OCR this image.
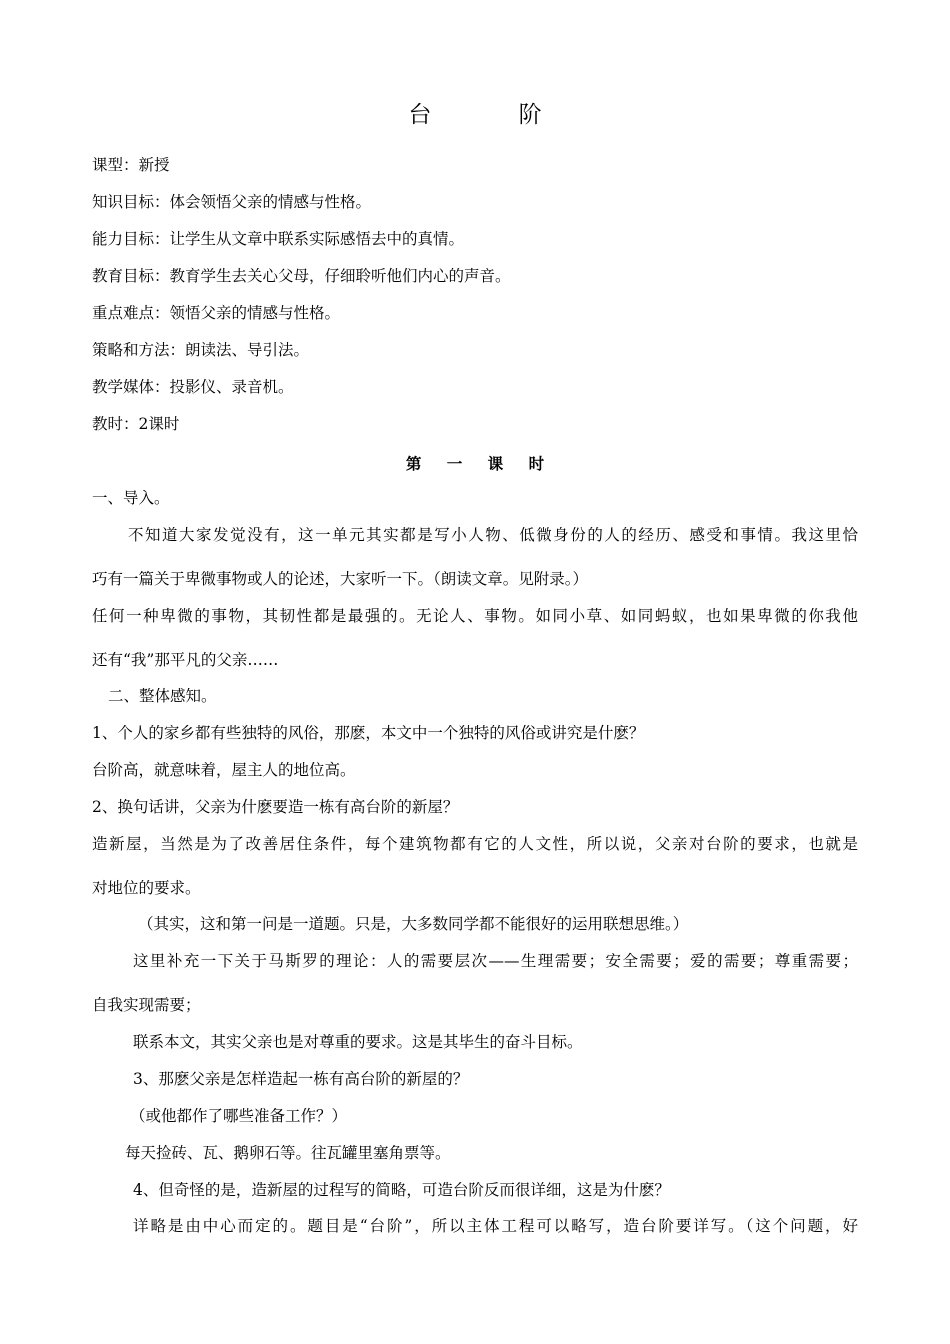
台 阶
课型：新授
知识目标：体会领悟父亲的情感与性格。
能力目标：让学生从文章中联系实际感悟去中的真情。
教育目标：教育学生去关心父母，仔细聆听他们内心的声音。
重点难点：领悟父亲的情感与性格。
策略和方法：朗读法、导引法。
教学媒体：投影仪、录音机。
教时：2课时
第 一 课 时
一、导入。
不知道大家发觉没有，这一单元其实都是写小人物、低微身份的人的经历、感受和事情。我这里恰
巧有一篇关于卑微事物或人的论述，大家听一下。（朗读文章。见附录。）
任何一种卑微的事物，其韧性都是最强的。无论人、事物。如同小草、如同蚂蚁，也如果卑微的你我他
还有“我”那平凡的父亲……
二、整体感知。
1、个人的家乡都有些独特的风俗，那麽，本文中一个独特的风俗或讲究是什麽？
台阶高，就意味着，屋主人的地位高。
2、换句话讲，父亲为什麽要造一栋有高台阶的新屋？
造新屋，当然是为了改善居住条件，每个建筑物都有它的人文性，所以说，父亲对台阶的要求，也就是
对地位的要求。
（其实，这和第一问是一道题。只是，大多数同学都不能很好的运用联想思维。）
这里补充一下关于马斯罗的理论：人的需要层次——生理需要；安全需要；爱的需要；尊重需要；
自我实现需要；
联系本文，其实父亲也是对尊重的要求。这是其毕生的奋斗目标。
3、那麽父亲是怎样造起一栋有高台阶的新屋的？
（或他都作了哪些准备工作？）
每天捡砖、瓦、鹅卵石等。往瓦罐里塞角票等。
4、但奇怪的是，造新屋的过程写的简略，可造台阶反而很详细，这是为什麽？
详略是由中心而定的。题目是“台阶”，所以主体工程可以略写，造台阶要详写。（这个问题，好
